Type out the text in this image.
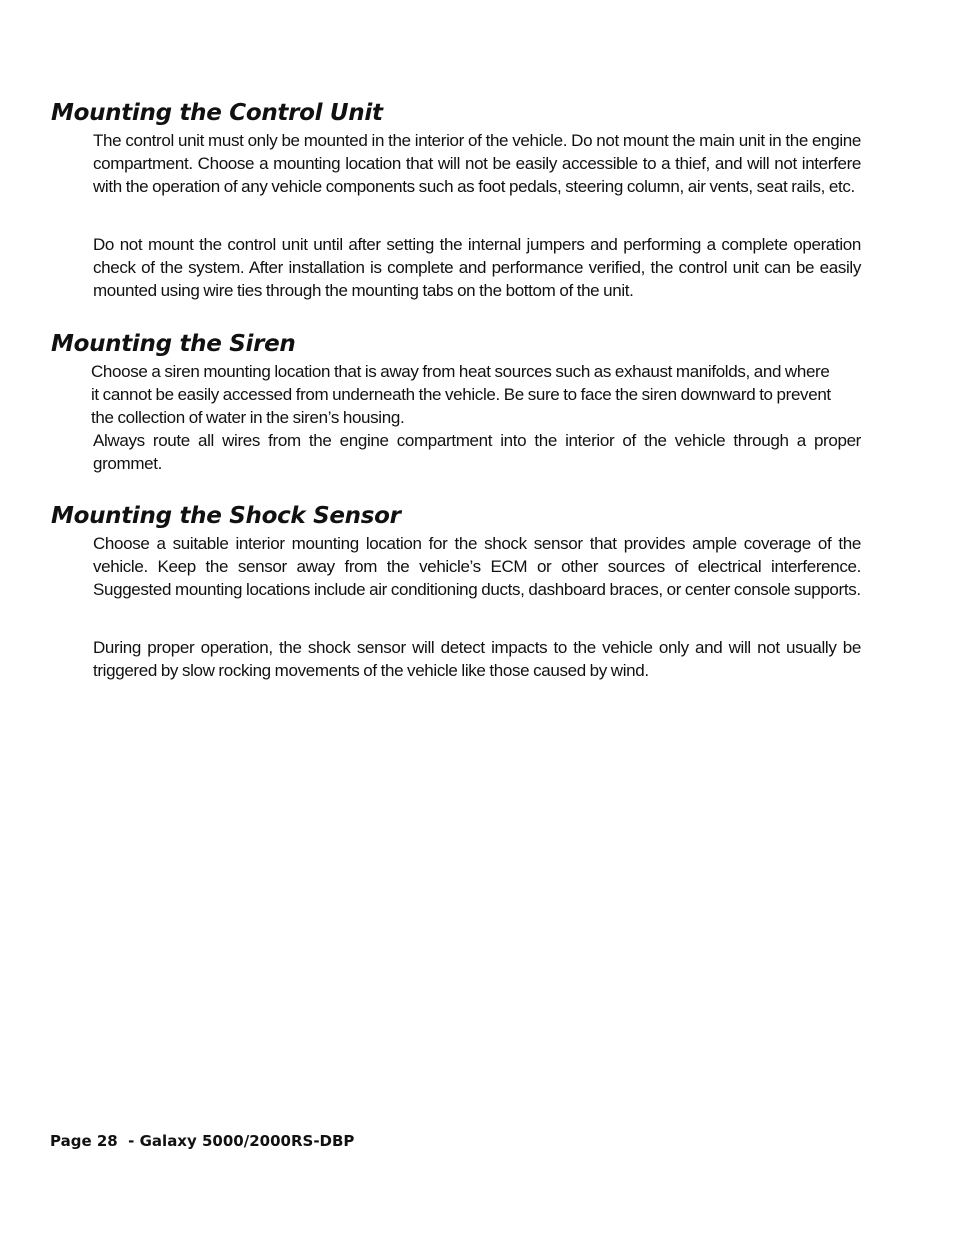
Mounting the Control Unit

The control unit must only be mounted in the interior of the vehicle. Do not mount the main unit in the engine compartment. Choose a mounting location that will not be easily accessible to a thief, and will not interfere with the operation of any vehicle components such as foot pedals, steering column, air vents, seat rails, etc.

Do not mount the control unit until after setting the internal jumpers and performing a complete operation check of the system. After installation is complete and performance verified, the control unit can be easily mounted using wire ties through the mounting tabs on the bottom of the unit.

Mounting the Siren

Choose a siren mounting location that is away from heat sources such as exhaust manifolds, and where it cannot be easily accessed from underneath the vehicle. Be sure to face the siren downward to prevent the collection of water in the siren’s housing.

Always route all wires from the engine compartment into the interior of the vehicle through a proper grommet.

Mounting the Shock Sensor

Choose a suitable interior mounting location for the shock sensor that provides ample coverage of the vehicle. Keep the sensor away from the vehicle’s ECM or other sources of electrical interference. Suggested mounting locations include air conditioning ducts, dashboard braces, or center console supports.

During proper operation, the shock sensor will detect impacts to the vehicle only and will not usually be triggered by slow rocking movements of the vehicle like those caused by wind.

Page 28  - Galaxy 5000/2000RS-DBP
